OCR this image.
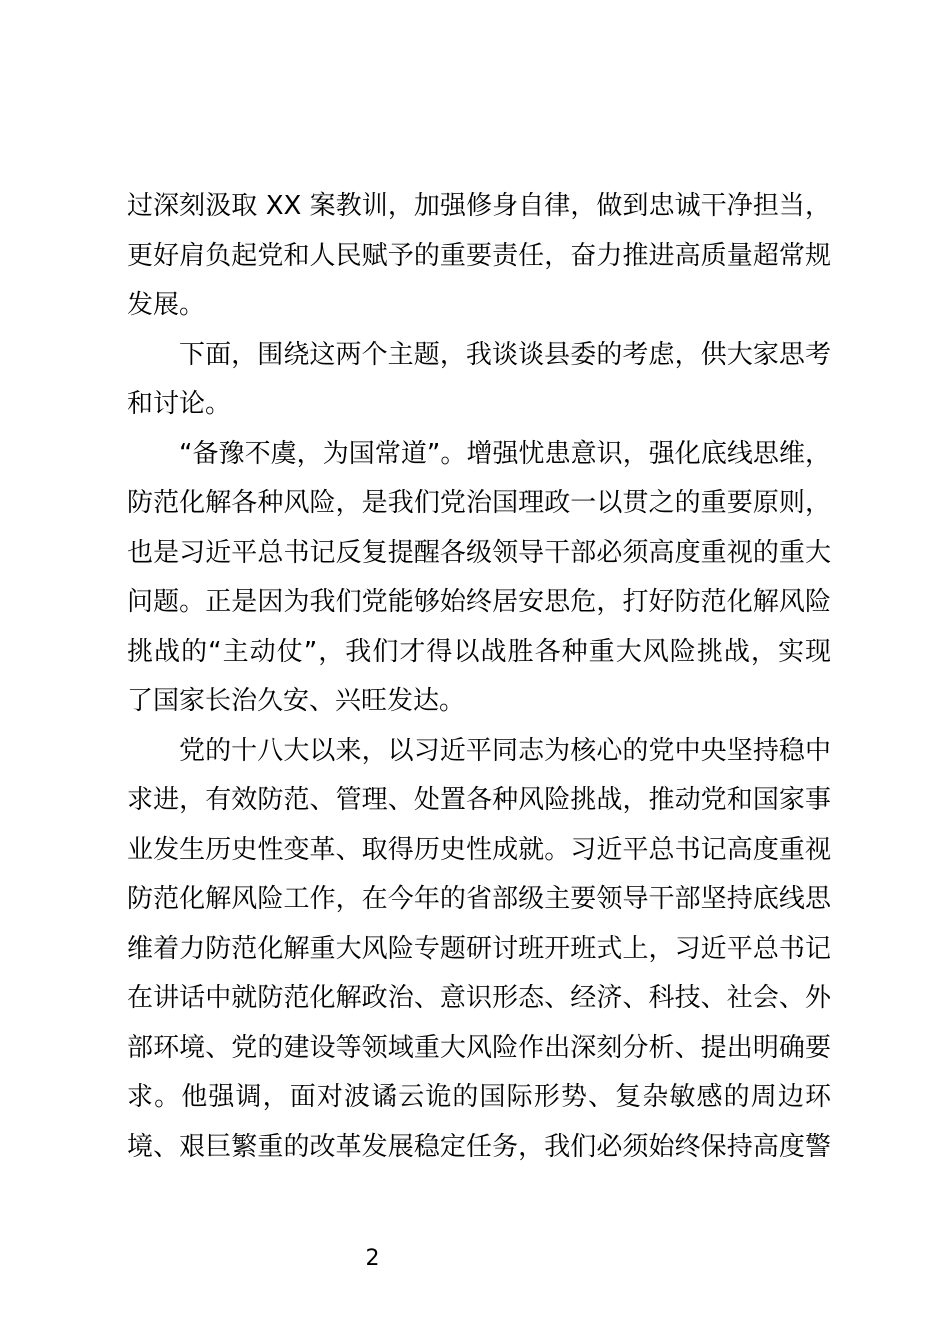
过深刻汲取 XX 案教训，加强修身自律，做到忠诚干净担当，
更好肩负起党和人民赋予的重要责任，奋力推进高质量超常规
发展。
下面，围绕这两个主题，我谈谈县委的考虑，供大家思考
和讨论。
“备豫不虞，为国常道”。增强忧患意识，强化底线思维，
防范化解各种风险，是我们党治国理政一以贯之的重要原则，
也是习近平总书记反复提醒各级领导干部必须高度重视的重大
问题。正是因为我们党能够始终居安思危，打好防范化解风险
挑战的“主动仗”，我们才得以战胜各种重大风险挑战，实现
了国家长治久安、兴旺发达。
党的十八大以来，以习近平同志为核心的党中央坚持稳中
求进，有效防范、管理、处置各种风险挑战，推动党和国家事
业发生历史性变革、取得历史性成就。习近平总书记高度重视
防范化解风险工作，在今年的省部级主要领导干部坚持底线思
维着力防范化解重大风险专题研讨班开班式上，习近平总书记
在讲话中就防范化解政治、意识形态、经济、科技、社会、外
部环境、党的建设等领域重大风险作出深刻分析、提出明确要
求。他强调，面对波谲云诡的国际形势、复杂敏感的周边环
境、艰巨繁重的改革发展稳定任务，我们必须始终保持高度警
2
